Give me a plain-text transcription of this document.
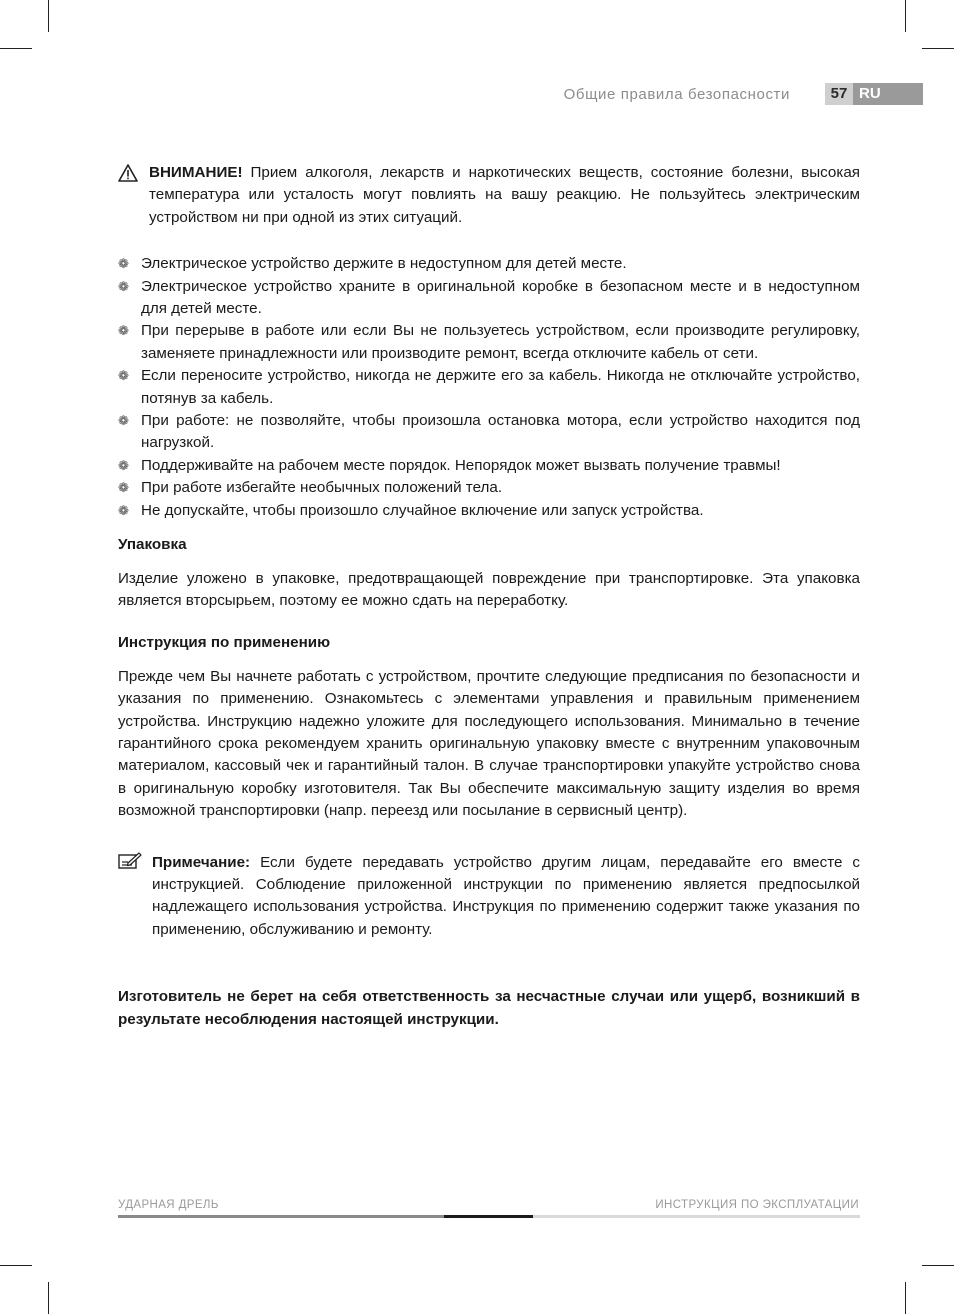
Общие правила безопасности	57 RU
ВНИМАНИЕ! Прием алкоголя, лекарств и наркотических веществ, состояние болезни, высокая температура или усталость могут повлиять на вашу реакцию. Не пользуйтесь электрическим устройством ни при одной из этих ситуаций.
❁ Электрическое устройство держите в недоступном для детей месте.
❁ Электрическое устройство храните в оригинальной коробке в безопасном месте и в недоступном для детей месте.
❁ При перерыве в работе или если Вы не пользуетесь устройством, если производите регулировку, заменяете принадлежности или производите ремонт, всегда отключите кабель от сети.
❁ Если переносите устройство, никогда не держите его за кабель. Никогда не отключайте устройство, потянув за кабель.
❁ При работе: не позволяйте, чтобы произошла остановка мотора, если устройство находится под нагрузкой.
❁ Поддерживайте на рабочем месте порядок. Непорядок может вызвать получение травмы!
❁ При работе избегайте необычных положений тела.
❁ Не допускайте, чтобы произошло случайное включение или запуск устройства.
Упаковка

Изделие уложено в упаковке, предотвращающей повреждение при транспортировке. Эта упаковка является вторсырьем, поэтому ее можно сдать на переработку.

Инструкция по применению

Прежде чем Вы начнете работать с устройством, прочтите следующие предписания по безопасности и указания по применению. Ознакомьтесь с элементами управления и правильным применением устройства. Инструкцию надежно уложите для последующего использования. Минимально в течение гарантийного срока рекомендуем хранить оригинальную упаковку вместе с внутренним упаковочным материалом, кассовый чек и гарантийный талон. В случае транспортировки упакуйте устройство снова в оригинальную коробку изготовителя. Так Вы обеспечите максимальную защиту изделия во время возможной транспортировки (напр. переезд или посылание в сервисный центр).

Примечание: Если будете передавать устройство другим лицам, передавайте его вместе с инструкцией. Соблюдение приложенной инструкции по применению является предпосылкой надлежащего использования устройства. Инструкция по применению содержит также указания по применению, обслуживанию и ремонту.

Изготовитель не берет на себя ответственность за несчастные случаи или ущерб, возникший в результате несоблюдения настоящей инструкции.

УДАРНАЯ ДРЕЛЬ	ИНСТРУКЦИЯ ПО ЭКСПЛУАТАЦИИ
